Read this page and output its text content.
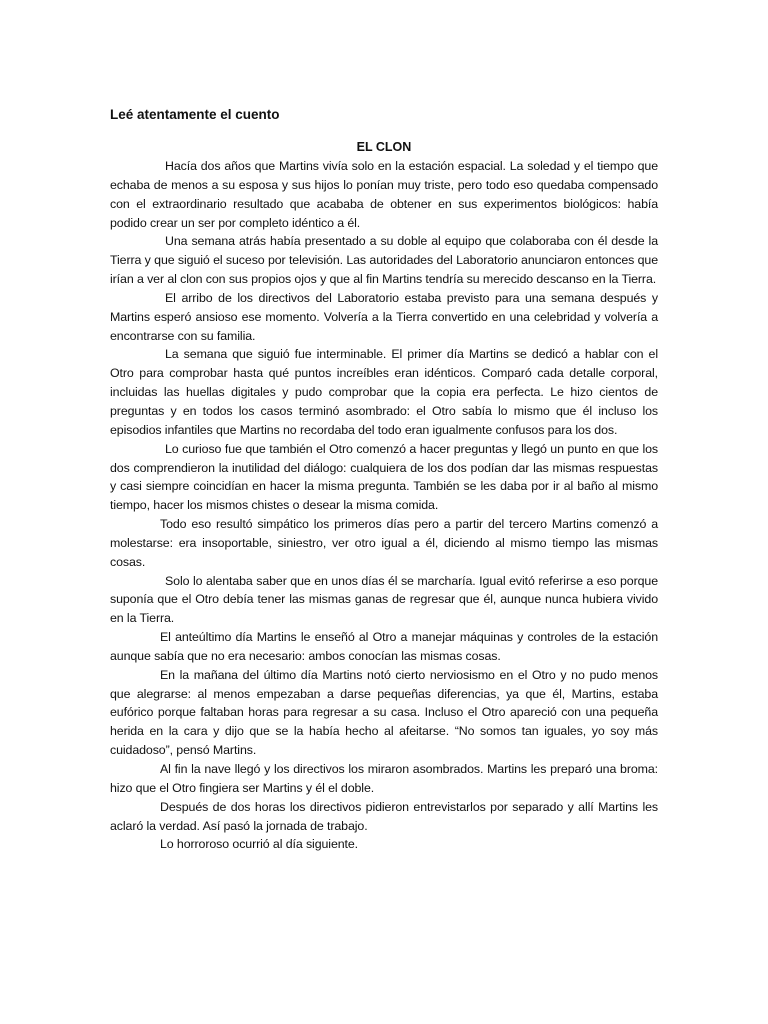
Leé atentamente el cuento

EL CLON

Hacía dos años que Martins vivía solo en la estación espacial. La soledad y el tiempo que echaba de menos a su esposa y sus hijos lo ponían muy triste, pero todo eso quedaba compensado con el extraordinario resultado que acababa de obtener en sus experimentos biológicos: había podido crear un ser por completo idéntico a él.

Una semana atrás había presentado a su doble al equipo que colaboraba con él desde la Tierra y que siguió el suceso por televisión. Las autoridades del Laboratorio anunciaron entonces que irían a ver al clon con sus propios ojos y que al fin Martins tendría su merecido descanso en la Tierra.

El arribo de los directivos del Laboratorio estaba previsto para una semana después y Martins esperó ansioso ese momento. Volvería a la Tierra convertido en una celebridad y volvería a encontrarse con su familia.

La semana que siguió fue interminable. El primer día Martins se dedicó a hablar con el Otro para comprobar hasta qué puntos increíbles eran idénticos. Comparó cada detalle corporal, incluidas las huellas digitales y pudo comprobar que la copia era perfecta. Le hizo cientos de preguntas y en todos los casos terminó asombrado: el Otro sabía lo mismo que él incluso los episodios infantiles que Martins no recordaba del todo eran igualmente confusos para los dos.

Lo curioso fue que también el Otro comenzó a hacer preguntas y llegó un punto en que los dos comprendieron la inutilidad del diálogo: cualquiera de los dos podían dar las mismas respuestas y casi siempre coincidían en hacer la misma pregunta. También se les daba por ir al baño al mismo tiempo, hacer los mismos chistes o desear la misma comida.

Todo eso resultó simpático los primeros días pero a partir del tercero Martins comenzó a molestarse: era insoportable, siniestro, ver otro igual a él, diciendo al mismo tiempo las mismas cosas.

Solo lo alentaba saber que en unos días él se marcharía. Igual evitó referirse a eso porque suponía que el Otro debía tener las mismas ganas de regresar que él, aunque nunca hubiera vivido en la Tierra.

El anteúltimo día Martins le enseñó al Otro a manejar máquinas y controles de la estación aunque sabía que no era necesario: ambos conocían las mismas cosas.

En la mañana del último día Martins notó cierto nerviosismo en el Otro y no pudo menos que alegrarse: al menos empezaban a darse pequeñas diferencias, ya que él, Martins, estaba eufórico porque faltaban horas para regresar a su casa. Incluso el Otro apareció con una pequeña herida en la cara y dijo que se la había hecho al afeitarse. “No somos tan iguales, yo soy más cuidadoso”, pensó Martins.

Al fin la nave llegó y los directivos los miraron asombrados. Martins les preparó una broma: hizo que el Otro fingiera ser Martins y él el doble.

Después de dos horas los directivos pidieron entrevistarlos por separado y allí Martins les aclaró la verdad. Así pasó la jornada de trabajo.

Lo horroroso ocurrió al día siguiente.
